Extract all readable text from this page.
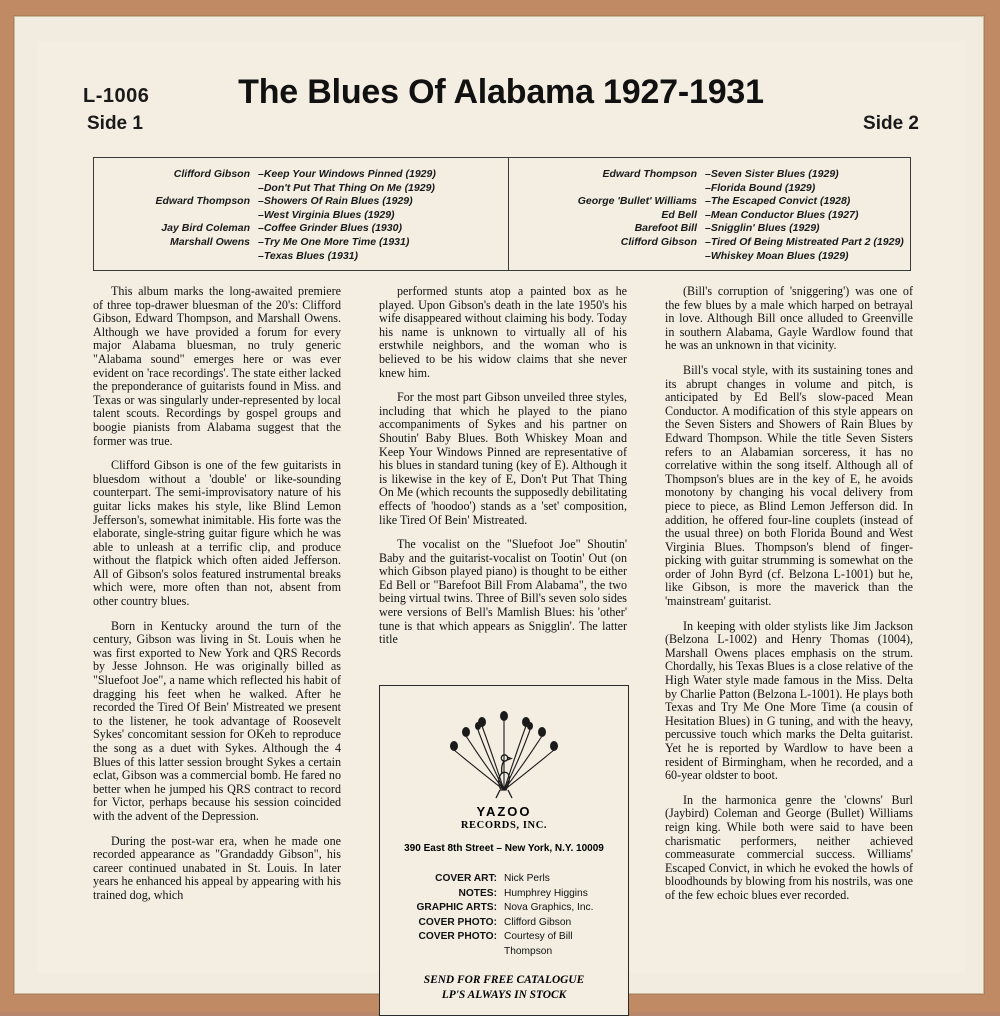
L-1006	The Blues Of Alabama 1927-1931
Side 1	Side 2
Clifford Gibson –Keep Your Windows Pinned (1929)
–Don't Put That Thing On Me (1929)
Edward Thompson –Showers Of Rain Blues (1929)
–West Virginia Blues (1929)
Jay Bird Coleman –Coffee Grinder Blues (1930)
Marshall Owens –Try Me One More Time (1931)
–Texas Blues (1931)
Edward Thompson –Seven Sister Blues (1929)
–Florida Bound (1929)
George 'Bullet' Williams –The Escaped Convict (1928)
Ed Bell –Mean Conductor Blues (1927)
Barefoot Bill –Snigglin' Blues (1929)
Clifford Gibson –Tired Of Being Mistreated Part 2 (1929)
–Whiskey Moan Blues (1929)

This album marks the long-awaited premiere of three top-drawer bluesman of the 20's: Clifford Gibson, Edward Thompson, and Marshall Owens. Although we have provided a forum for every major Alabama bluesman, no truly generic "Alabama sound" emerges here or was ever evident on 'race recordings'. The state either lacked the preponderance of guitarists found in Miss. and Texas or was singularly under-represented by local talent scouts. Recordings by gospel groups and boogie pianists from Alabama suggest that the former was true.

Clifford Gibson is one of the few guitarists in bluesdom without a 'double' or like-sounding counterpart. The semi-improvisatory nature of his guitar licks makes his style, like Blind Lemon Jefferson's, somewhat inimitable. His forte was the elaborate, single-string guitar figure which he was able to unleash at a terrific clip, and produce without the flatpick which often aided Jefferson. All of Gibson's solos featured instrumental breaks which were, more often than not, absent from other country blues.

Born in Kentucky around the turn of the century, Gibson was living in St. Louis when he was first exported to New York and QRS Records by Jesse Johnson. He was originally billed as "Sluefoot Joe", a name which reflected his habit of dragging his feet when he walked. After he recorded the Tired Of Bein' Mistreated we present to the listener, he took advantage of Roosevelt Sykes' concomitant session for OKeh to reproduce the song as a duet with Sykes. Although the 4 Blues of this latter session brought Sykes a certain eclat, Gibson was a commercial bomb. He fared no better when he jumped his QRS contract to record for Victor, perhaps because his session coincided with the advent of the Depression.

During the post-war era, when he made one recorded appearance as "Grandaddy Gibson", his career continued unabated in St. Louis. In later years he enhanced his appeal by appearing with his trained dog, which

performed stunts atop a painted box as he played. Upon Gibson's death in the late 1950's his wife disappeared without claiming his body. Today his name is unknown to virtually all of his erstwhile neighbors, and the woman who is believed to be his widow claims that she never knew him.

For the most part Gibson unveiled three styles, including that which he played to the piano accompaniments of Sykes and his partner on Shoutin' Baby Blues. Both Whiskey Moan and Keep Your Windows Pinned are representative of his blues in standard tuning (key of E). Although it is likewise in the key of E, Don't Put That Thing On Me (which recounts the supposedly debilitating effects of 'hoodoo') stands as a 'set' composition, like Tired Of Bein' Mistreated.

The vocalist on the "Sluefoot Joe" Shoutin' Baby and the guitarist-vocalist on Tootin' Out (on which Gibson played piano) is thought to be either Ed Bell or "Barefoot Bill From Alabama", the two being virtual twins. Three of Bill's seven solo sides were versions of Bell's Mamlish Blues: his 'other' tune is that which appears as Snigglin'. The latter title

(Bill's corruption of 'sniggering') was one of the few blues by a male which harped on betrayal in love. Although Bill once alluded to Greenville in southern Alabama, Gayle Wardlow found that he was an unknown in that vicinity.

Bill's vocal style, with its sustaining tones and its abrupt changes in volume and pitch, is anticipated by Ed Bell's slow-paced Mean Conductor. A modification of this style appears on the Seven Sisters and Showers of Rain Blues by Edward Thompson. While the title Seven Sisters refers to an Alabamian sorceress, it has no correlative within the song itself. Although all of Thompson's blues are in the key of E, he avoids monotony by changing his vocal delivery from piece to piece, as Blind Lemon Jefferson did. In addition, he offered four-line couplets (instead of the usual three) on both Florida Bound and West Virginia Blues. Thompson's blend of finger-picking with guitar strumming is somewhat on the order of John Byrd (cf. Belzona L-1001) but he, like Gibson, is more the maverick than the 'mainstream' guitarist.

In keeping with older stylists like Jim Jackson (Belzona L-1002) and Henry Thomas (1004), Marshall Owens places emphasis on the strum. Chordally, his Texas Blues is a close relative of the High Water style made famous in the Miss. Delta by Charlie Patton (Belzona L-1001). He plays both Texas and Try Me One More Time (a cousin of Hesitation Blues) in G tuning, and with the heavy, percussive touch which marks the Delta guitarist. Yet he is reported by Wardlow to have been a resident of Birmingham, when he recorded, and a 60-year oldster to boot.

In the harmonica genre the 'clowns' Burl (Jaybird) Coleman and George (Bullet) Williams reign king. While both were said to have been charismatic performers, neither achieved commeasurate commercial success. Williams' Escaped Convict, in which he evoked the howls of bloodhounds by blowing from his nostrils, was one of the few echoic blues ever recorded.

YAZOO
RECORDS, INC.
390 East 8th Street – New York, N.Y. 10009
COVER ART: Nick Perls
NOTES: Humphrey Higgins
GRAPHIC ARTS: Nova Graphics, Inc.
COVER PHOTO: Clifford Gibson
COVER PHOTO: Courtesy of Bill Thompson
SEND FOR FREE CATALOGUE
LP'S ALWAYS IN STOCK
